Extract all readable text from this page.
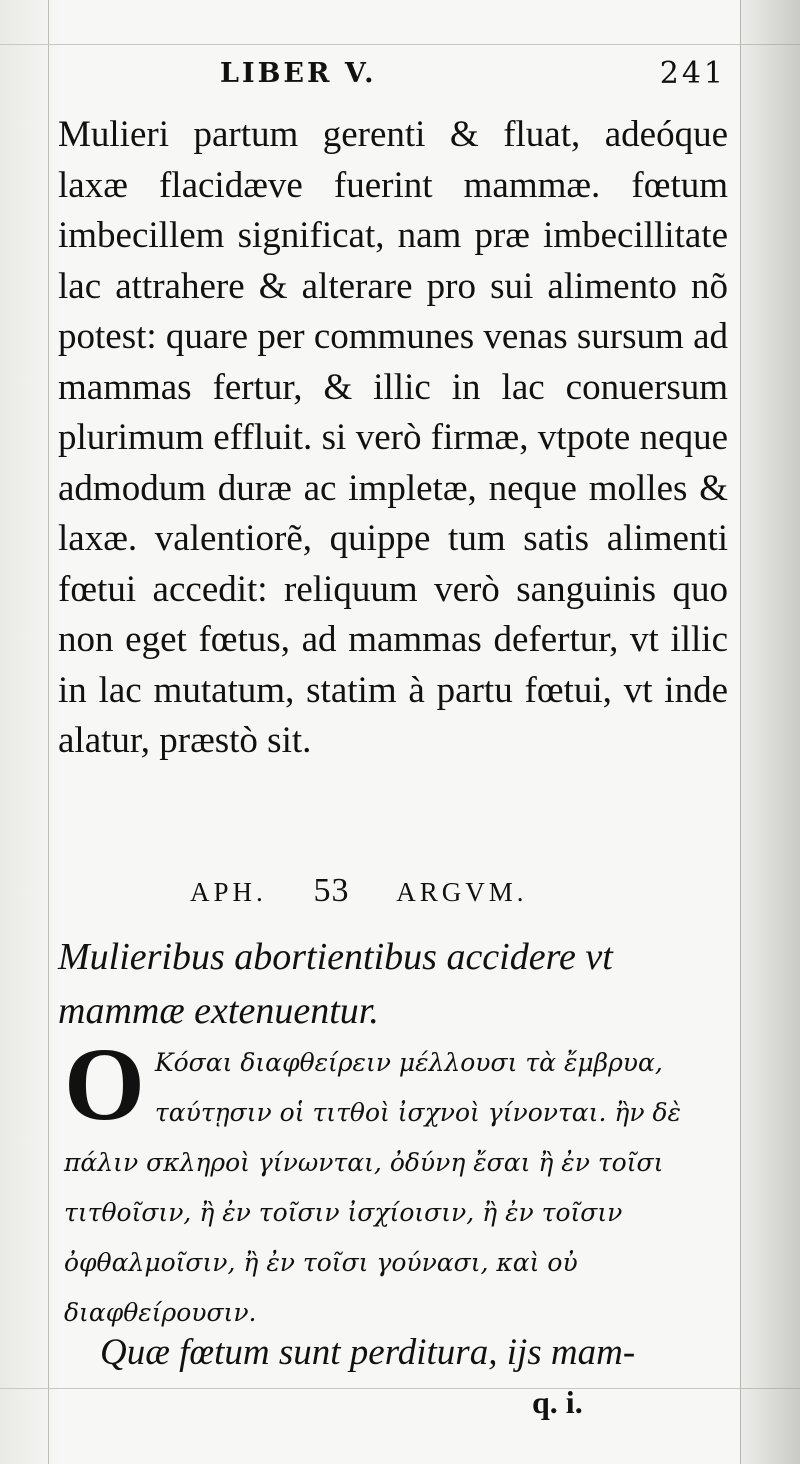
LIBER V.	241

Mulieri partum gerenti & fluat, adeóque laxæ flacidæve fuerint mammæ. fœtum imbecillem significat, nam præ imbecillitate lac attrahere & alterare pro sui alimento nõ potest: quare per communes venas sursum ad mammas fertur, & illic in lac conuersum plurimum effluit. si verò firmæ, vtpote neque admodum duræ ac impletæ, neque molles & laxæ. valentiorẽ, quippe tum satis alimenti fœtui accedit: reliquum verò sanguinis quo non eget fœtus, ad mammas defertur, vt illic in lac mutatum, statim à partu fœtui, vt inde alatur, præstò sit.

APH. 53 ARGVM.
Mulieribus abortientibus accidere vt mammæ extenuentur.
O Κόσαι διαφθείρειν μέλλουσι τὰ ἔμβρυα, ταύτῃσιν οἱ τιτθοὶ ἰσχνοὶ γίνονται. ἢν δὲ πάλιν σκληροὶ γίνωνται, ὀδύνη ἔσαι ἢ ἐν τοῖσι τιτθοῖσιν, ἢ ἐν τοῖσιν ἰσχίοισιν, ἢ ἐν τοῖσιν ὀφθαλμοῖσιν, ἢ ἐν τοῖσι γούνασι, καὶ οὐ διαφθείρουσιν.
Quæ fœtum sunt perditura, ijs mam-
q. i.
